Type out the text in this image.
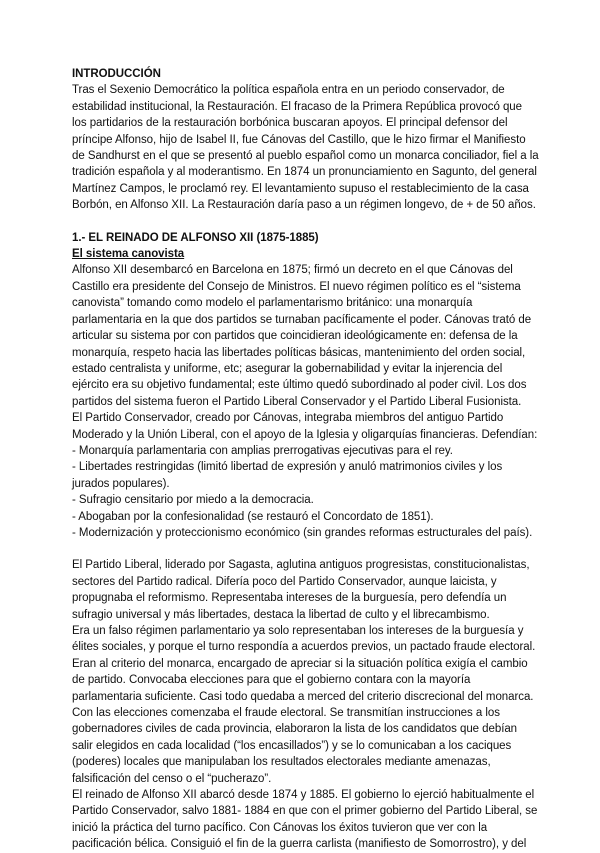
INTRODUCCIÓN
Tras el Sexenio Democrático la política española entra en un periodo conservador, de
estabilidad institucional, la Restauración. El fracaso de la Primera República provocó que
los partidarios de la restauración borbónica buscaran apoyos. El principal defensor del
príncipe Alfonso, hijo de Isabel II, fue Cánovas del Castillo, que le hizo firmar el Manifiesto
de Sandhurst en el que se presentó al pueblo español como un monarca conciliador, fiel a la
tradición española y al moderantismo. En 1874 un pronunciamiento en Sagunto, del general
Martínez Campos, le proclamó rey. El levantamiento supuso el restablecimiento de la casa
Borbón, en Alfonso XII. La Restauración daría paso a un régimen longevo, de + de 50 años.
1.- EL REINADO DE ALFONSO XII (1875-1885)
El sistema canovista
Alfonso XII desembarcó en Barcelona en 1875; firmó un decreto en el que Cánovas del
Castillo era presidente del Consejo de Ministros. El nuevo régimen político es el “sistema
canovista” tomando como modelo el parlamentarismo británico: una monarquía
parlamentaria en la que dos partidos se turnaban pacíficamente el poder. Cánovas trató de
articular su sistema por con partidos que coincidieran ideológicamente en: defensa de la
monarquía, respeto hacia las libertades políticas básicas, mantenimiento del orden social,
estado centralista y uniforme, etc; asegurar la gobernabilidad y evitar la injerencia del
ejército era su objetivo fundamental; este último quedó subordinado al poder civil. Los dos
partidos del sistema fueron el Partido Liberal Conservador y el Partido Liberal Fusionista.
El Partido Conservador, creado por Cánovas, integraba miembros del antiguo Partido
Moderado y la Unión Liberal, con el apoyo de la Iglesia y oligarquías financieras. Defendían:
- Monarquía parlamentaria con amplias prerrogativas ejecutivas para el rey.
- Libertades restringidas (limitó libertad de expresión y anuló matrimonios civiles y los
jurados populares).
- Sufragio censitario por miedo a la democracia.
- Abogaban por la confesionalidad (se restauró el Concordato de 1851).
- Modernización y proteccionismo económico (sin grandes reformas estructurales del país).
El Partido Liberal, liderado por Sagasta, aglutina antiguos progresistas, constitucionalistas,
sectores del Partido radical. Difería poco del Partido Conservador, aunque laicista, y
propugnaba el reformismo. Representaba intereses de la burguesía, pero defendía un
sufragio universal y más libertades, destaca la libertad de culto y el librecambismo.
Era un falso régimen parlamentario ya solo representaban los intereses de la burguesía y
élites sociales, y porque el turno respondía a acuerdos previos, un pactado fraude electoral.
Eran al criterio del monarca, encargado de apreciar si la situación política exigía el cambio
de partido. Convocaba elecciones para que el gobierno contara con la mayoría
parlamentaria suficiente. Casi todo quedaba a merced del criterio discrecional del monarca.
Con las elecciones comenzaba el fraude electoral. Se transmitían instrucciones a los
gobernadores civiles de cada provincia, elaboraron la lista de los candidatos que debían
salir elegidos en cada localidad (“los encasillados”) y se lo comunicaban a los caciques
(poderes) locales que manipulaban los resultados electorales mediante amenazas,
falsificación del censo o el “pucherazo”.
El reinado de Alfonso XII abarcó desde 1874 y 1885. El gobierno lo ejerció habitualmente el
Partido Conservador, salvo 1881- 1884 en que con el primer gobierno del Partido Liberal, se
inició la práctica del turno pacífico. Con Cánovas los éxitos tuvieron que ver con la
pacificación bélica. Consiguió el fin de la guerra carlista (manifiesto de Somorrostro), y del
